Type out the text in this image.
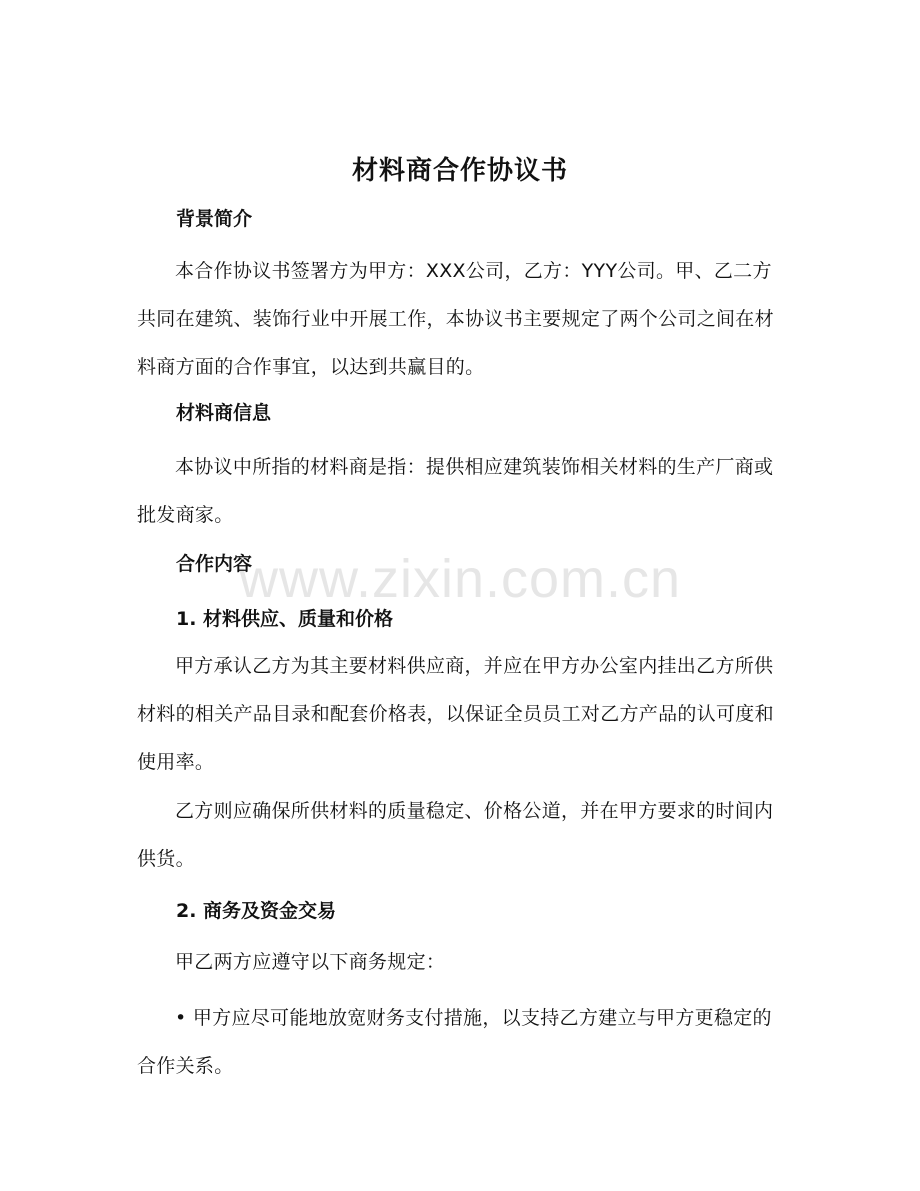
www.zixin.com.cn
材料商合作协议书
背景简介
本合作协议书签署方为甲方：XXX公司，乙方：YYY公司。甲、乙二方共同在建筑、装饰行业中开展工作，本协议书主要规定了两个公司之间在材料商方面的合作事宜，以达到共赢目的。
材料商信息
本协议中所指的材料商是指：提供相应建筑装饰相关材料的生产厂商或批发商家。
合作内容
1. 材料供应、质量和价格
甲方承认乙方为其主要材料供应商，并应在甲方办公室内挂出乙方所供材料的相关产品目录和配套价格表，以保证全员员工对乙方产品的认可度和使用率。
乙方则应确保所供材料的质量稳定、价格公道，并在甲方要求的时间内供货。
2. 商务及资金交易
甲乙两方应遵守以下商务规定：
• 甲方应尽可能地放宽财务支付措施，以支持乙方建立与甲方更稳定的合作关系。
